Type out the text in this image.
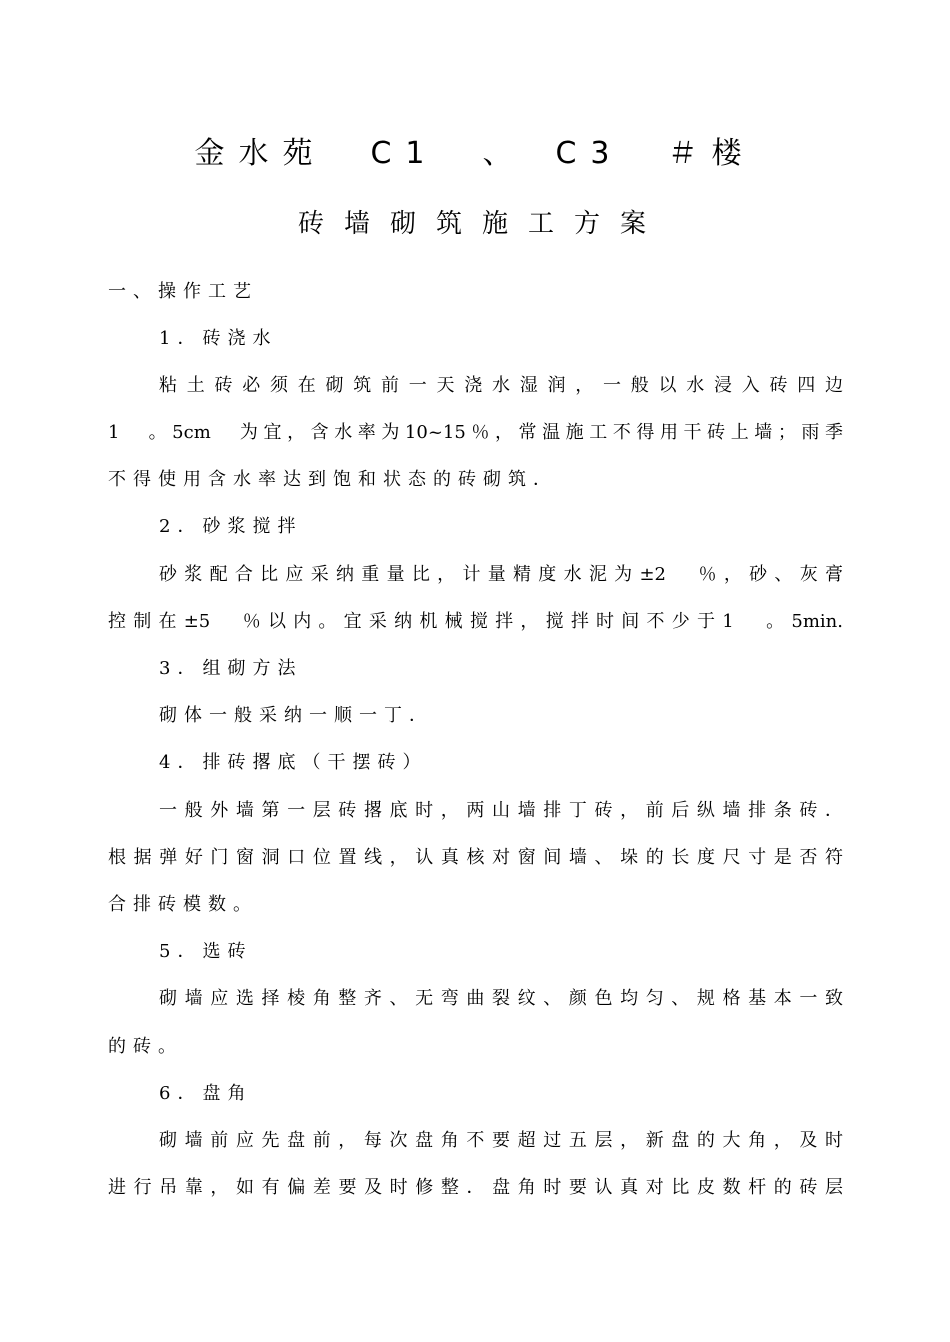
金水苑　C1　、　C3　＃楼
砖墙砌筑施工方案
一、操作工艺
1．砖浇水
粘土砖必须在砌筑前一天浇水湿润，一般以水浸入砖四边
1　。5cm　为宜，含水率为10~15％，常温施工不得用干砖上墙；雨季
不得使用含水率达到饱和状态的砖砌筑．
2．砂浆搅拌
砂浆配合比应采纳重量比，计量精度水泥为±2　％，砂、灰膏
控制在±5　％以内。宜采纳机械搅拌，搅拌时间不少于1　。5min.
3．组砌方法
砌体一般采纳一顺一丁．
4．排砖撂底（干摆砖）
一般外墙第一层砖撂底时，两山墙排丁砖，前后纵墙排条砖．
根据弹好门窗洞口位置线，认真核对窗间墙、垛的长度尺寸是否符
合排砖模数。
5．选砖
砌墙应选择棱角整齐、无弯曲裂纹、颜色均匀、规格基本一致
的砖。
6．盘角
砌墙前应先盘前，每次盘角不要超过五层，新盘的大角，及时
进行吊靠，如有偏差要及时修整．盘角时要认真对比皮数杆的砖层
